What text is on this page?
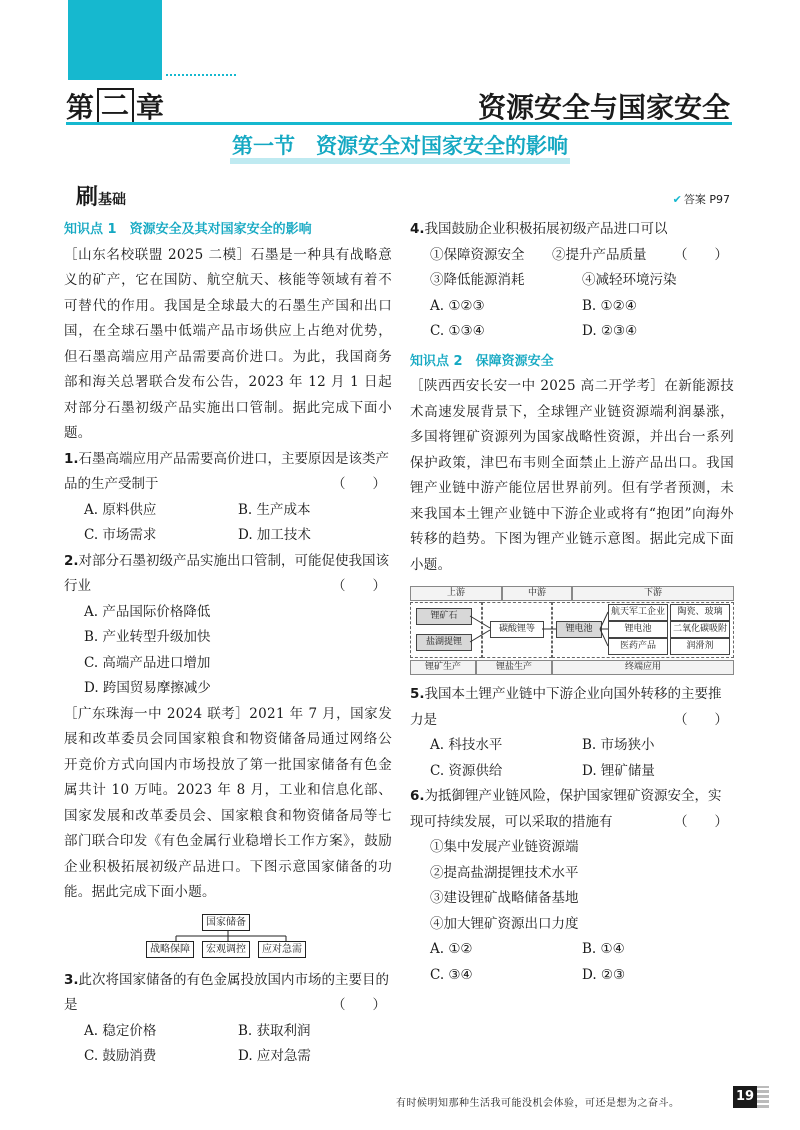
第 二 章	资源安全与国家安全
第一节　资源安全对国家安全的影响
刷基础	✔ 答案 P97
知识点 1　资源安全及其对国家安全的影响
［山东名校联盟 2025 二模］石墨是一种具有战略意义的矿产，它在国防、航空航天、核能等领域有着不可替代的作用。我国是全球最大的石墨生产国和出口国，在全球石墨中低端产品市场供应上占绝对优势，但石墨高端应用产品需要高价进口。为此，我国商务部和海关总署联合发布公告，2023 年 12 月 1 日起对部分石墨初级产品实施出口管制。据此完成下面小题。
1.石墨高端应用产品需要高价进口，主要原因是该类产品的生产受制于	（　　）
A. 原料供应	B. 生产成本
C. 市场需求	D. 加工技术
2.对部分石墨初级产品实施出口管制，可能促使我国该行业	（　　）
A. 产品国际价格降低
B. 产业转型升级加快
C. 高端产品进口增加
D. 跨国贸易摩擦减少
［广东珠海一中 2024 联考］2021 年 7 月，国家发展和改革委员会同国家粮食和物资储备局通过网络公开竞价方式向国内市场投放了第一批国家储备有色金属共计 10 万吨。2023 年 8 月，工业和信息化部、国家发展和改革委员会、国家粮食和物资储备局等七部门联合印发《有色金属行业稳增长工作方案》，鼓励企业积极拓展初级产品进口。下图示意国家储备的功能。据此完成下面小题。
国家储备
战略保障	宏观调控	应对急需
3.此次将国家储备的有色金属投放国内市场的主要目的是	（　　）
A. 稳定价格	B. 获取利润
C. 鼓励消费	D. 应对急需
4.我国鼓励企业积极拓展初级产品进口可以
（　　）
①保障资源安全	②提升产品质量
③降低能源消耗	④减轻环境污染
A. ①②③	B. ①②④
C. ①③④	D. ②③④
知识点 2　保障资源安全
［陕西西安长安一中 2025 高二开学考］在新能源技术高速发展背景下，全球锂产业链资源端利润暴涨，多国将锂矿资源列为国家战略性资源，并出台一系列保护政策，津巴布韦则全面禁止上游产品出口。我国锂产业链中游产能位居世界前列。但有学者预测，未来我国本土锂产业链中下游企业或将有“抱团”向海外转移的趋势。下图为锂产业链示意图。据此完成下面小题。
上游	中游	下游
锂矿石
盐湖提锂
碳酸锂等	锂电池
航天军工企业	陶瓷、玻璃
锂电池	二氧化碳吸附
医药产品	润滑剂
锂矿生产	锂盐生产	终端应用
5.我国本土锂产业链中下游企业向国外转移的主要推力是	（　　）
A. 科技水平	B. 市场狭小
C. 资源供给	D. 锂矿储量
6.为抵御锂产业链风险，保护国家锂矿资源安全，实现可持续发展，可以采取的措施有	（　　）
①集中发展产业链资源端
②提高盐湖提锂技术水平
③建设锂矿战略储备基地
④加大锂矿资源出口力度
A. ①②	B. ①④
C. ③④	D. ②③
有时候明知那种生活我可能没机会体验，可还是想为之奋斗。	19
